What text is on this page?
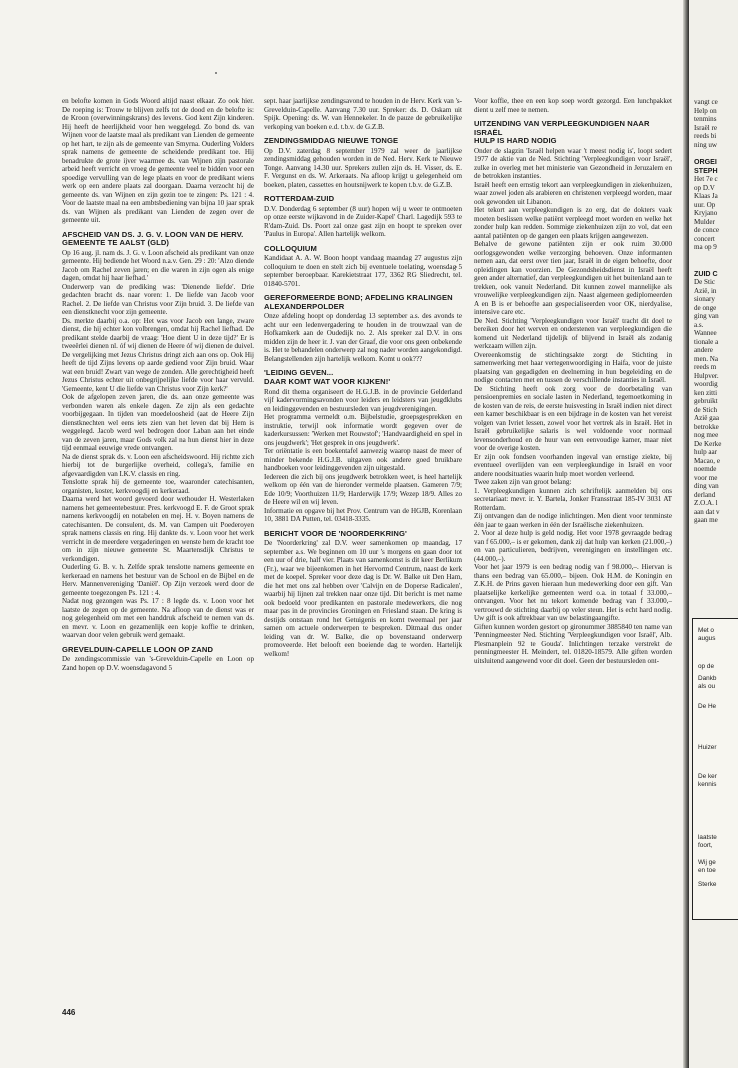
en belofte komen in Gods Woord altijd naast elkaar. Zo ook hier. De roeping is: Trouw te blijven zelfs tot de dood en de belofte is: de Kroon (overwinningskrans) des levens. God kent Zijn kinderen. Hij heeft de heerlijkheid voor hen weggelegd. Zo bond ds. van Wijnen voor de laatste maal als predikant van Lienden de gemeente op het hart, te zijn als de gemeente van Smyrna. Ouderling Volders sprak namens de gemeente de scheidende predikant toe. Hij benadrukte de grote ijver waarmee ds. van Wijnen zijn pastorale arbeid heeft verricht en vroeg de gemeente veel te bidden voor een spoedige vervulling van de lege plaats en voor de predikant wiens werk op een andere plaats zal doorgaan. Daarna verzocht hij de gemeente ds. van Wijnen en zijn gezin toe te zingen: Ps. 121 : 4. Voor de laatste maal na een ambtsbediening van bijna 10 jaar sprak ds. van Wijnen als predikant van Lienden de zegen over de gemeente uit.

AFSCHEID VAN DS. J. G. V. LOON VAN DE HERV. GEMEENTE TE AALST (GLD)

Op 16 aug. jl. nam ds. J. G. v. Loon afscheid als predikant van onze gemeente. Hij bediende het Woord n.a.v. Gen. 29 : 20: 'Alzo diende Jacob om Rachel zeven jaren; en die waren in zijn ogen als enige dagen, omdat hij haar liefhad.'

Onderwerp van de prediking was: 'Dienende liefde'. Drie gedachten bracht ds. naar voren: 1. De liefde van Jacob voor Rachel. 2. De liefde van Christus voor Zijn bruid. 3. De liefde van een dienstknecht voor zijn gemeente.

Ds. merkte daarbij o.a. op: Het was voor Jacob een lange, zware dienst, die hij echter kon volbrengen, omdat hij Rachel liefhad. De predikant stelde daarbij de vraag: 'Hoe dient U in deze tijd?' Er is tweeërlei dienen nl. óf wij dienen de Heere óf wij dienen de duivel. De vergelijking met Jezus Christus dringt zich aan ons op. Ook Hij heeft de tijd Zijns levens op aarde gediend voor Zijn bruid. Waar wat een bruid! Zwart van wege de zonden. Alle gerechtigheid heeft Jezus Christus echter uit onbegrijpelijke liefde voor haar vervuld. 'Gemeente, kent U die liefde van Christus voor Zijn kerk?'

Ook de afgelopen zeven jaren, die ds. aan onze gemeente was verbonden waren als enkele dagen. Ze zijn als een gedachte voorbijgegaan. In tijden van moedeloosheid (aat de Heere Zijn dienstknechten wel eens iets zien van het leven dat bij Hem is weggelegd. Jacob werd wel bedrogen door Laban aan het einde van de zeven jaren, maar Gods volk zal na hun dienst hier in deze tijd eenmaal eeuwige vrede ontvangen.

Na de dienst sprak ds. v. Loon een afscheidswoord. Hij richtte zich hierbij tot de burgerlijke overheid, collega's, familie en afgevaardigden van I.K.V. classis en ring.

Tenslotte sprak hij de gemeente toe, waaronder catechisanten, organisten, koster, kerkvoogdij en kerkeraad.

Daarna werd het woord gevoerd door wethouder H. Westerlaken namens het gemeentebestuur. Pres. kerkvoogd E. F. de Groot sprak namens kerkvoogdij en notabelen en mej. H. v. Boyen namens de catechisanten. De consulent, ds. M. van Campen uit Poederoyen sprak namens classis en ring. Hij dankte ds. v. Loon voor het werk verricht in de meerdere vergaderingen en wenste hem de kracht toe om in zijn nieuwe gemeente St. Maartensdijk Christus te verkondigen.

Ouderling G. B. v. h. Zelfde sprak tenslotte namens gemeente en kerkeraad en namens het bestuur van de School en de Bijbel en de Herv. Mannenvereniging 'Daniël'. Op Zijn verzoek werd door de gemeente toegezongen Ps. 121 : 4.

Nadat nog gezongen was Ps. 17 : 8 legde ds. v. Loon voor het laatste de zegen op de gemeente. Na afloop van de dienst was er nog gelegenheid om met een handdruk afscheid te nemen van ds. en mevr. v. Loon en gezamenlijk een kopje koffie te drinken, waarvan door velen gebruik werd gemaakt.

GREVELDUIN-CAPELLE LOON OP ZAND

De zendingscommissie van 's-Grevelduin-Capelle en Loon op Zand hopen op D.V. woensdagavond 5

sept. haar jaarlijkse zendingsavond te houden in de Herv. Kerk van 's-Grevelduin-Capelle. Aanvang 7.30 uur. Spreker: ds. D. Oskam uit Spijk. Opening: ds. W. van Hennekeler. In de pauze de gebruikelijke verkoping van boeken e.d. t.b.v. de G.Z.B.

ZENDINGSMIDDAG NIEUWE TONGE

Op D.V. zaterdag 8 september 1979 zal weer de jaarlijkse zendingsmiddag gehouden worden in de Ned. Herv. Kerk te Nieuwe Tonge. Aanvang 14.30 uur. Sprekers zullen zijn ds. H. Visser, ds. E. F. Vergunst en ds. W. Arkeraats. Na afloop krijgt u gelegenheid om boeken, platen, cassettes en houtsnijwerk te kopen t.b.v. de G.Z.B.

ROTTERDAM-ZUID

D.V. Donderdag 6 september (8 uur) hopen wij u weer te ontmoeten op onze eerste wijkavond in de Zuider-Kapel' Charl. Lagedijk 593 te R'dam-Zuid. Ds. Poort zal onze gast zijn en hoopt te spreken over 'Paulus in Europa'. Allen hartelijk welkom.

COLLOQUIUM

Kandidaat A. A. W. Boon hoopt vandaag maandag 27 augustus zijn colloquium te doen en stelt zich bij eventuele toelating, woensdag 5 september beroepbaar. Karekietstraat 177, 3362 RG Sliedrecht, tel. 01840-5701.

GEREFORMEERDE BOND; AFDELING KRALINGEN ALEXANDERPOLDER

Onze afdeling hoopt op donderdag 13 september a.s. des avonds te acht uur een ledenvergadering te houden in de trouwzaal van de Hofkamkerk aan de Oudedijk no. 2. Als spreker zal D.V. in ons midden zijn de heer ir. J. van der Graaf, die voor ons geen onbekende is. Het te behandelen onderwerp zal nog nader worden aangekondigd. Belangstellenden zijn hartelijk welkom. Komt u ook???

'LEIDING GEVEN...
DAAR KOMT WAT VOOR KIJKEN!'

Rond dit thema organiseert de H.G.J.B. in de provincie Gelderland vijf kadervormingsavonden voor leiders en leidsters van jeugdklubs en leidinggevenden en bestuursleden van jeugdverenigingen.

Het programma vermeldt o.m. Bijbelstudie, groepsgesprekken en instruktie, terwijl ook informatie wordt gegeven over de kaderkursussen: 'Werken met Rouwstof'; 'Handvaardigheid en spel in ons jeugdwerk'; 'Het gesprek in ons jeugdwerk'.

Ter oriëntatie is een boekentafel aanwezig waarop naast de meer of minder bekende H.G.J.B. uitgaven ook andere goed bruikbare handboeken voor leidinggevenden zijn uitgestald.

Iedereen die zich bij ons jeugdwerk betrokken weet, is heel hartelijk welkom op één van de hieronder vermelde plaatsen. Gameren 7/9; Ede 10/9; Voorthuizen 11/9; Harderwijk 17/9; Wezep 18/9. Alles zo de Heere wil en wij leven.

Informatie en opgave bij het Prov. Centrum van de HGJB, Korenlaan 10, 3881 DA Putten, tel. 03418-3335.

BERICHT VOOR DE 'NOORDERKRING'

De 'Noorderkring' zal D.V. weer samenkomen op maandag, 17 september a.s. We beginnen om 10 uur 's morgens en gaan door tot een uur of drie, half vier. Plaats van samenkomst is dit keer Berlikum (Fr.), waar we bijeenkomen in het Hervormd Centrum, naast de kerk met de koepel. Spreker voor deze dag is Dr. W. Balke uit Den Ham, die het met ons zal hebben over 'Calvijn en de Doperse Radicalen', waarbij hij lijnen zal trekken naar onze tijd. Dit bericht is met name ook bedoeld voor predikanten en pastorale medewerkers, die nog maar pas in de provincies Groningen en Friesland staan. De kring is destijds ontstaan rond het Getuigenis en komt tweemaal per jaar samen om actuele onderwerpen te bespreken. Ditmaal dus onder leiding van dr. W. Balke, die op bovenstaand onderwerp promoveerde. Het belooft een boeiende dag te worden. Hartelijk welkom!

Voor koffie, thee en een kop soep wordt gezorgd. Een lunchpakket dient u zelf mee te nemen.

UITZENDING VAN VERPLEEGKUNDIGEN NAAR ISRAËL
HULP IS HARD NODIG

Onder de slagzin 'Israël helpen waar 't meest nodig is', loopt sedert 1977 de aktie van de Ned. Stichting 'Verpleegkundigen voor Israël', zulke in overleg met het ministerie van Gezondheid in Jeruzalem en de betrokken instanties.

Israël heeft een ernstig tekort aan verpleegkundigen in ziekenhuizen, waar zowel joden als arabieren en christenen verpleegd worden, maar ook gewonden uit Libanon.

Het tekort aan verpleegkundigen is zo erg, dat de dokters vaak moeten beslissen welke patiënt verpleegd moet worden en welke het zonder hulp kan redden. Sommige ziekenhuizen zijn zo vol, dat een aantal patiënten op de gangen een plaats krijgen aangewezen.

Behalve de gewone patiënten zijn er ook ruim 30.000 oorlogsgewonden welke verzorging behoeven. Onze informanten nemen aan, dat eerst over tien jaar, Israël in de eigen behoefte, door opleidingen kan voorzien. De Gezondsheidsdienst in Israël heeft geen ander alternatief, dan verpleegkundigen uit het buitenland aan te trekken, ook vanuit Nederland. Dit kunnen zowel mannelijke als vrouwelijke verpleegkundigen zijn. Naast algemeen gediplomeerden A en B is er behoefte aan gespecialiseerden voor OK, nierdyalise, intensive care etc.

De Ned. Stichting 'Verpleegkundigen voor Israël' tracht dit doel te bereiken door het werven en onderstenen van verpleegkundigen die komend uit Nederland tijdelijk of blijvend in Israël als zodanig werkzaam willen zijn.

Overeenkomstig de stichtingsakte zorgt de Stichting in samenwerking met haar vertegenwoordiging in Haifa, voor de juiste plaatsing van gegadigden en deelneming in hun begeleiding en de nodige contacten met en tussen de verschillende instanties in Israël.

De Stichting heeft ook zorg voor de doorbetaling van pensioenpremies en sociale lasten in Nederland, tegemoetkoming in de kosten van de reis, de eerste huisvesting in Israël indien niet direct een kamer beschikbaar is en een bijdrage in de kosten van het vereist volgen van Ivriet lessen, zowel voor het vertrek als in Israël. Het in Israël gebruikelijke salaris is wel voldoende voor normaal levensonderhoud en de huur van een eenvoudige kamer, maar niet voor de overige kosten.

Er zijn ook fondsen voorhanden ingeval van ernstige ziekte, bij eventueel overlijden van een verpleegkundige in Israël en voor andere noodsituaties waarin hulp moet worden verleend.

Twee zaken zijn van groot belang:

1. Verpleegkundigen kunnen zich schriftelijk aanmelden bij ons secretariaat: mevr. ir. Y. Bartela, Jonker Fransstraat 185-IV 3031 AT Rotterdam.

Zij ontvangen dan de nodige inlichtingen. Men dient voor tenminste één jaar te gaan werken in één der Israëlische ziekenhuizen.

2. Voor al deze hulp is geld nodig. Het voor 1978 gevraagde bedrag van f 65.000,– is er gekomen, dank zij dat hulp van kerken (21.000,–) en van particulieren, bedrijven, verenigingen en instellingen etc. (44.000,–).

Voor het jaar 1979 is een bedrag nodig van f 98.000,–. Hiervan is thans een bedrag van 65.000,– bijeen. Ook H.M. de Koningin en Z.K.H. de Prins gaven hieraan hun medewerking door een gift. Van plaatselijke kerkelijke gemeenten werd o.a. in totaal f 33.000,– ontvangen. Voor het nu tekort komende bedrag van f 33.000,– vertrouwd de stichting daarbij op veler steun. Het is echt hard nodig. Uw gift is ook aftrekbaar van uw belastingaangifte.

Giften kunnen worden gestort op gironummer 3885840 ten name van 'Penningmeester Ned. Stichting 'Verpleegkundigen voor Israël', Alb. Plesmanplein 92 te Gouda'. Inlichtingen terzake verstrekt de penningmeester H. Meindert, tel. 01820-18579. Alle giften worden uitsluitend aangewend voor dit doel. Geen der bestuursleden ont-

446
vangt ce
Help on
tenmins
Israël re
reeds bi
ning uw
ORGEI
STEPH
Het 7e c
op D.V
Klaas Ja
uur. Op
Kryjano
Mulder
de conce
concert
ma op 9
ZUID C
De Stic
Azië, in
sionary
de onge
ging van
a.s.
Wannee
tionale a
andere
men. Na
reeds m
Hulpver.
woordig
ken zitti
gebruikt
de Stich
Azië gaa
betrokke
nog mee
De Kerke
hulp aar
Macao, e
noemde
voor me
ding van
derland
Z.O.A. l
aan dat v
gaan me
Met o
augus
op de
Dankb
als ou
De He
Huizer
De ker
kennis
laatste
foort,
Wij ge
en toe
Sterke
